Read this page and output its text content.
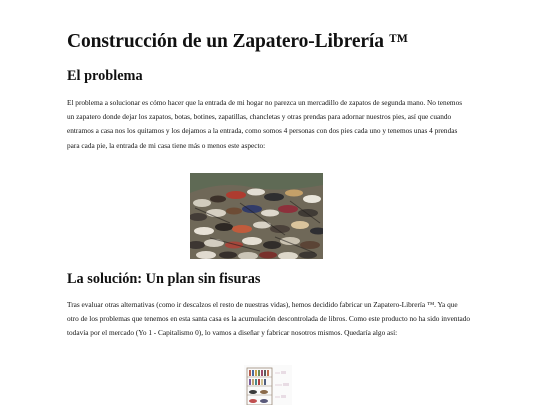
Construcción de un Zapatero-Librería ™
El problema

El problema a solucionar es cómo hacer que la entrada de mi hogar no parezca un mercadillo de zapatos de segunda mano. No tenemos un zapatero donde dejar los zapatos, botas, botines, zapatillas, chancletas y otras prendas para adornar nuestros pies, así que cuando entramos a casa nos los quitamos y los dejamos a la entrada, como somos 4 personas con dos pies cada uno y tenemos unas 4 prendas para cada pie, la entrada de mi casa tiene más o menos este aspecto:

La solución: Un plan sin fisuras

Tras evaluar otras alternativas (como ir descalzos el resto de nuestras vidas), hemos decidido fabricar un Zapatero-Librería ™. Ya que otro de los problemas que tenemos en esta santa casa es la acumulación descontrolada de libros. Como este producto no ha sido inventado todavía por el mercado (Yo 1 - Capitalismo 0), lo vamos a diseñar y fabricar nosotros mismos. Quedaría algo así:
